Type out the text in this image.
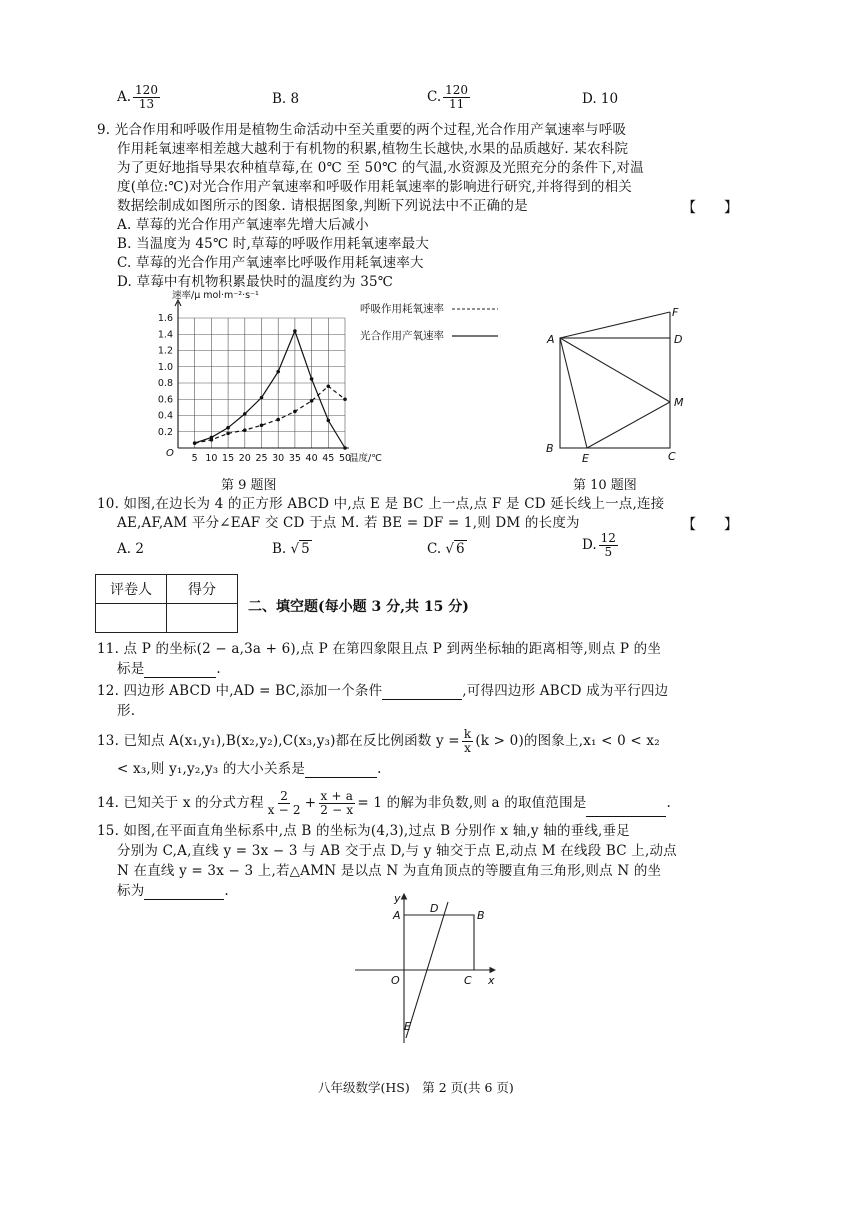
A. $\frac{120}{13}$	B. 8	C. $\frac{120}{11}$	D. 10
9. 光合作用和呼吸作用是植物生命活动中至关重要的两个过程,光合作用产氧速率与呼吸
作用耗氧速率相差越大越利于有机物的积累,植物生长越快,水果的品质越好. 某农科院
为了更好地指导果农种植草莓,在 0℃ 至 50℃ 的气温,水资源及光照充分的条件下,对温
度(单位:℃)对光合作用产氧速率和呼吸作用耗氧速率的影响进行研究,并将得到的相关
数据绘制成如图所示的图象. 请根据图象,判断下列说法中不正确的是	【　　】
A. 草莓的光合作用产氧速率先增大后减小
B. 当温度为 45℃ 时,草莓的呼吸作用耗氧速率最大
C. 草莓的光合作用产氧速率比呼吸作用耗氧速率大
D. 草莓中有机物积累最快时的温度约为 35℃
5 10 15 20 25 30 35 40 45 50
0.2
0.4
0.6
0.8
1.0
1.2
1.4
1.6
O	温度/℃
速率/μ mol·m⁻²·s⁻¹
呼吸作用耗氧速率
光合作用产氧速率
第 9 题图
A
B
C
D
E
F
M
第 10 题图
10. 如图,在边长为 4 的正方形 ABCD 中,点 E 是 BC 上一点,点 F 是 CD 延长线上一点,连接
AE,AF,AM 平分∠EAF 交 CD 于点 M. 若 BE = DF = 1,则 DM 的长度为	【　　】
A. 2	B. √ 5	C. √ 6	D. $\frac{12}{5}$
评卷人	得分

二、填空题(每小题 3 分,共 15 分)
11. 点 P 的坐标(2 − a,3a + 6),点 P 在第四象限且点 P 到两坐标轴的距离相等,则点 P 的坐
标是	.
12. 四边形 ABCD 中,AD = BC,添加一个条件	,可得四边形 ABCD 成为平行四边
形.
13. 已知点 A(x₁,y₁),B(x₂,y₂),C(x₃,y₃)都在反比例函数 $y = \frac{k}{x} (k > 0)$的图象上,x₁ < 0 < x₂
< x₃,则 y₁,y₂,y₃ 的大小关系是	.
14. 已知关于 x 的分式方程 $\frac{2}{x - 2} + \frac{x + a}{2 - x} = 1$ 的解为非负数,则 a 的取值范围是	.
15. 如图,在平面直角坐标系中,点 B 的坐标为(4,3),过点 B 分别作 x 轴,y 轴的垂线,垂足
分别为 C,A,直线 y = 3x − 3 与 AB 交于点 D,与 y 轴交于点 E,动点 M 在线段 BC 上,动点
N 在直线 y = 3x − 3 上,若△AMN 是以点 N 为直角顶点的等腰直角三角形,则点 N 的坐
标为	.	y
A
D
B
O	C x
E
八年级数学(HS)　第 2 页(共 6 页)
